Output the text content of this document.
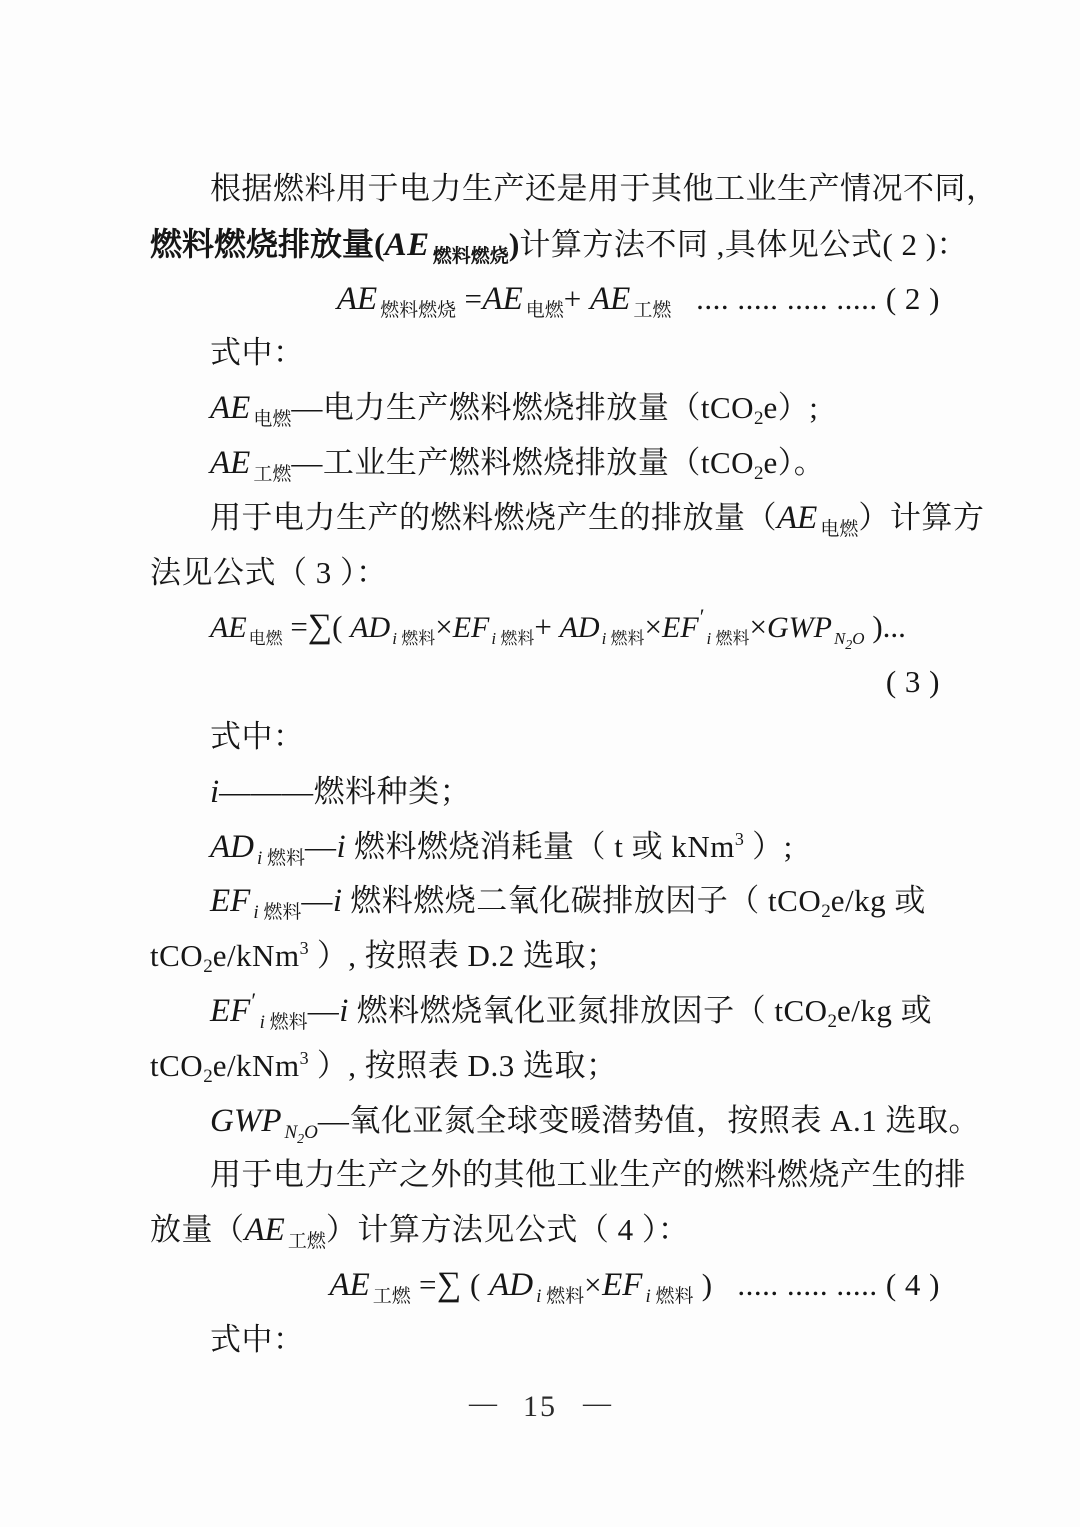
根据燃料用于电力生产还是用于其他工业生产情况不同，
燃料燃烧排放量(AE $_{燃料燃烧}$)计算方法不同 ,具体见公式( 2 )：
AE $_{燃料燃烧}$ =AE $_{电燃}$+ AE $_{工燃}$   .... ..... ..... ..... ( 2 )
式中：
AE $_{电燃}$—电力生产燃料燃烧排放量（tCO2e）;
AE $_{工燃}$—工业生产燃料燃烧排放量（tCO2e）。
用于电力生产的燃料燃烧产生的排放量（AE $_{电燃}$）计算方
法见公式（ 3 ）：
AE $_{电燃}$ =∑( AD $_{i 燃料}$×EF $_{i 燃料}$+ AD $_{i 燃料}\times EF'_{i 燃料}\times GWP$ $_{N_2O}$ )...
( 3 )
式中：
i———燃料种类；
AD $_{i 燃料}$—i 燃料燃烧消耗量（ t 或 kNm$^3$ ）;
EF $_{i 燃料}$—i 燃料燃烧二氧化碳排放因子（ tCO2e/kg 或
tCO2e/kNm$^3$ ）, 按照表 D.2 选取；
$EF'_{i 燃料}—i$ 燃料燃烧氧化亚氮排放因子（ tCO2e/kg 或
tCO2e/kNm$^3$ ）, 按照表 D.3 选取；
GWP $_{N_2O}$—氧化亚氮全球变暖潜势值，按照表 A.1 选取。
用于电力生产之外的其他工业生产的燃料燃烧产生的排
放量（AE $_{工燃}$）计算方法见公式（ 4 ）：
AE $_{工燃}$ =∑ ( AD $_{i 燃料}$×EF $_{i 燃料}$ )   ..... ..... ..... ( 4 )
式中：
— 15 —
